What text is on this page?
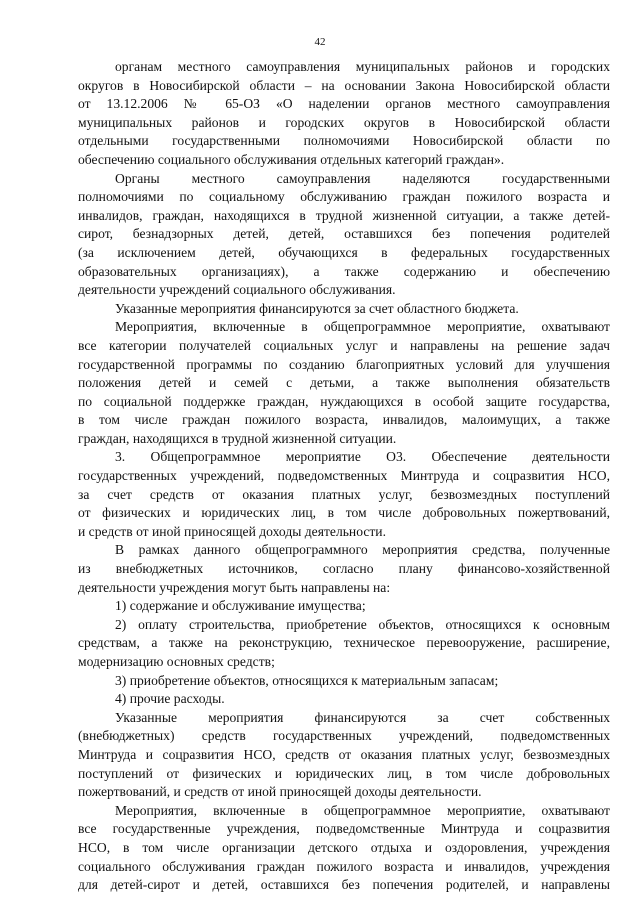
42
органам местного самоуправления муниципальных районов и городских
округов в Новосибирской области – на основании Закона Новосибирской области
от 13.12.2006 № 65-ОЗ «О наделении органов местного самоуправления
муниципальных районов и городских округов в Новосибирской области
отдельными государственными полномочиями Новосибирской области по
обеспечению социального обслуживания отдельных категорий граждан».
Органы местного самоуправления наделяются государственными
полномочиями по социальному обслуживанию граждан пожилого возраста и
инвалидов, граждан, находящихся в трудной жизненной ситуации, а также детей-
сирот, безнадзорных детей, детей, оставшихся без попечения родителей
(за исключением детей, обучающихся в федеральных государственных
образовательных организациях), а также содержанию и обеспечению
деятельности учреждений социального обслуживания.
Указанные мероприятия финансируются за счет областного бюджета.
Мероприятия, включенные в общепрограммное мероприятие, охватывают
все категории получателей социальных услуг и направлены на решение задач
государственной программы по созданию благоприятных условий для улучшения
положения детей и семей с детьми, а также выполнения обязательств
по социальной поддержке граждан, нуждающихся в особой защите государства,
в том числе граждан пожилого возраста, инвалидов, малоимущих, а также
граждан, находящихся в трудной жизненной ситуации.
3. Общепрограммное мероприятие О3. Обеспечение деятельности
государственных учреждений, подведомственных Минтруда и соцразвития НСО,
за счет средств от оказания платных услуг, безвозмездных поступлений
от физических и юридических лиц, в том числе добровольных пожертвований,
и средств от иной приносящей доходы деятельности.
В рамках данного общепрограммного мероприятия средства, полученные
из внебюджетных источников, согласно плану финансово-хозяйственной
деятельности учреждения могут быть направлены на:
1) содержание и обслуживание имущества;
2) оплату строительства, приобретение объектов, относящихся к основным
средствам, а также на реконструкцию, техническое перевооружение, расширение,
модернизацию основных средств;
3) приобретение объектов, относящихся к материальным запасам;
4) прочие расходы.
Указанные мероприятия финансируются за счет собственных
(внебюджетных) средств государственных учреждений, подведомственных
Минтруда и соцразвития НСО, средств от оказания платных услуг, безвозмездных
поступлений от физических и юридических лиц, в том числе добровольных
пожертвований, и средств от иной приносящей доходы деятельности.
Мероприятия, включенные в общепрограммное мероприятие, охватывают
все государственные учреждения, подведомственные Минтруда и соцразвития
НСО, в том числе организации детского отдыха и оздоровления, учреждения
социального обслуживания граждан пожилого возраста и инвалидов, учреждения
для детей-сирот и детей, оставшихся без попечения родителей, и направлены
